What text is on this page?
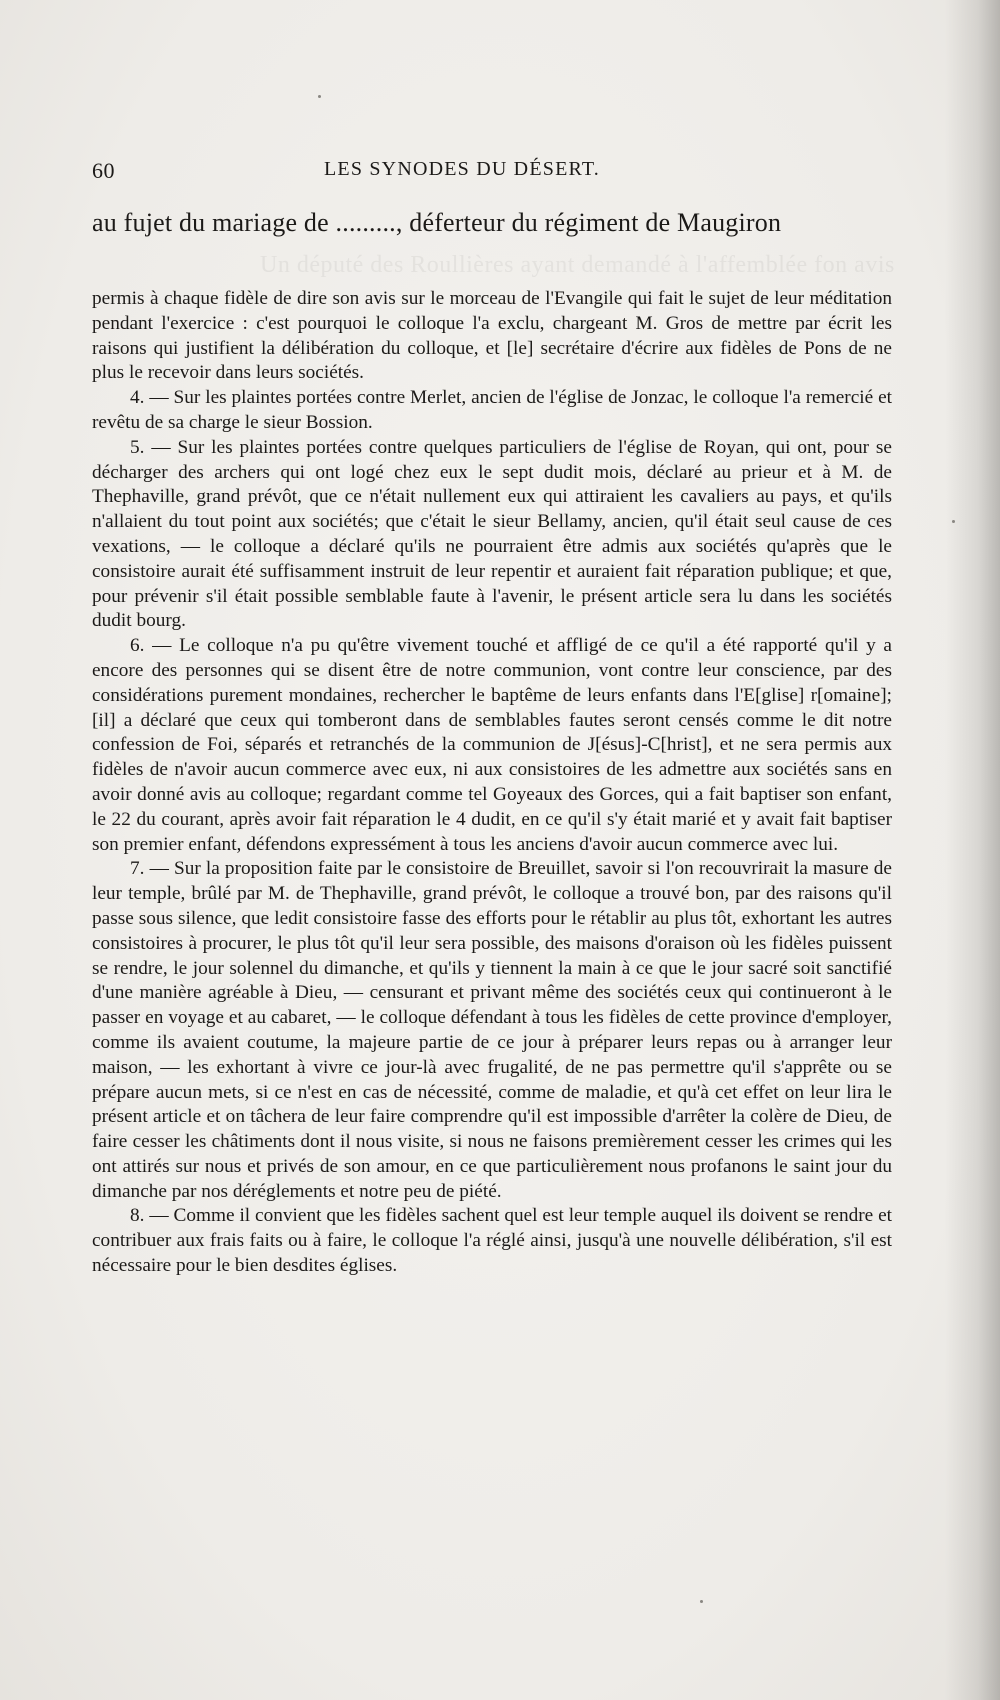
60	LES SYNODES DU DÉSERT.
au fujet du mariage de ........., déferteur du régiment de Maugiron
Un député des Roullières ayant demandé à l'affemblée fon avis

permis à chaque fidèle de dire son avis sur le morceau de l'Evangile qui fait le sujet de leur méditation pendant l'exercice : c'est pourquoi le colloque l'a exclu, chargeant M. Gros de mettre par écrit les raisons qui justifient la délibération du colloque, et [le] secrétaire d'écrire aux fidèles de Pons de ne plus le recevoir dans leurs sociétés.

4. — Sur les plaintes portées contre Merlet, ancien de l'église de Jonzac, le colloque l'a remercié et revêtu de sa charge le sieur Bossion.

5. — Sur les plaintes portées contre quelques particuliers de l'église de Royan, qui ont, pour se décharger des archers qui ont logé chez eux le sept dudit mois, déclaré au prieur et à M. de Thephaville, grand prévôt, que ce n'était nullement eux qui attiraient les cavaliers au pays, et qu'ils n'allaient du tout point aux sociétés; que c'était le sieur Bellamy, ancien, qu'il était seul cause de ces vexations, — le colloque a déclaré qu'ils ne pourraient être admis aux sociétés qu'après que le consistoire aurait été suffisamment instruit de leur repentir et auraient fait réparation publique; et que, pour prévenir s'il était possible semblable faute à l'avenir, le présent article sera lu dans les sociétés dudit bourg.

6. — Le colloque n'a pu qu'être vivement touché et affligé de ce qu'il a été rapporté qu'il y a encore des personnes qui se disent être de notre communion, vont contre leur conscience, par des considérations purement mondaines, rechercher le baptême de leurs enfants dans l'E[glise] r[omaine]; [il] a déclaré que ceux qui tomberont dans de semblables fautes seront censés comme le dit notre confession de Foi, séparés et retranchés de la communion de J[ésus]-C[hrist], et ne sera permis aux fidèles de n'avoir aucun commerce avec eux, ni aux consistoires de les admettre aux sociétés sans en avoir donné avis au colloque; regardant comme tel Goyeaux des Gorces, qui a fait baptiser son enfant, le 22 du courant, après avoir fait réparation le 4 dudit, en ce qu'il s'y était marié et y avait fait baptiser son premier enfant, défendons expressément à tous les anciens d'avoir aucun commerce avec lui.

7. — Sur la proposition faite par le consistoire de Breuillet, savoir si l'on recouvrirait la masure de leur temple, brûlé par M. de Thephaville, grand prévôt, le colloque a trouvé bon, par des raisons qu'il passe sous silence, que ledit consistoire fasse des efforts pour le rétablir au plus tôt, exhortant les autres consistoires à procurer, le plus tôt qu'il leur sera possible, des maisons d'oraison où les fidèles puissent se rendre, le jour solennel du dimanche, et qu'ils y tiennent la main à ce que le jour sacré soit sanctifié d'une manière agréable à Dieu, — censurant et privant même des sociétés ceux qui continueront à le passer en voyage et au cabaret, — le colloque défendant à tous les fidèles de cette province d'employer, comme ils avaient coutume, la majeure partie de ce jour à préparer leurs repas ou à arranger leur maison, — les exhortant à vivre ce jour-là avec frugalité, de ne pas permettre qu'il s'apprête ou se prépare aucun mets, si ce n'est en cas de nécessité, comme de maladie, et qu'à cet effet on leur lira le présent article et on tâchera de leur faire comprendre qu'il est impossible d'arrêter la colère de Dieu, de faire cesser les châtiments dont il nous visite, si nous ne faisons premièrement cesser les crimes qui les ont attirés sur nous et privés de son amour, en ce que particulièrement nous profanons le saint jour du dimanche par nos déréglements et notre peu de piété.

8. — Comme il convient que les fidèles sachent quel est leur temple auquel ils doivent se rendre et contribuer aux frais faits ou à faire, le colloque l'a réglé ainsi, jusqu'à une nouvelle délibération, s'il est nécessaire pour le bien desdites églises.
